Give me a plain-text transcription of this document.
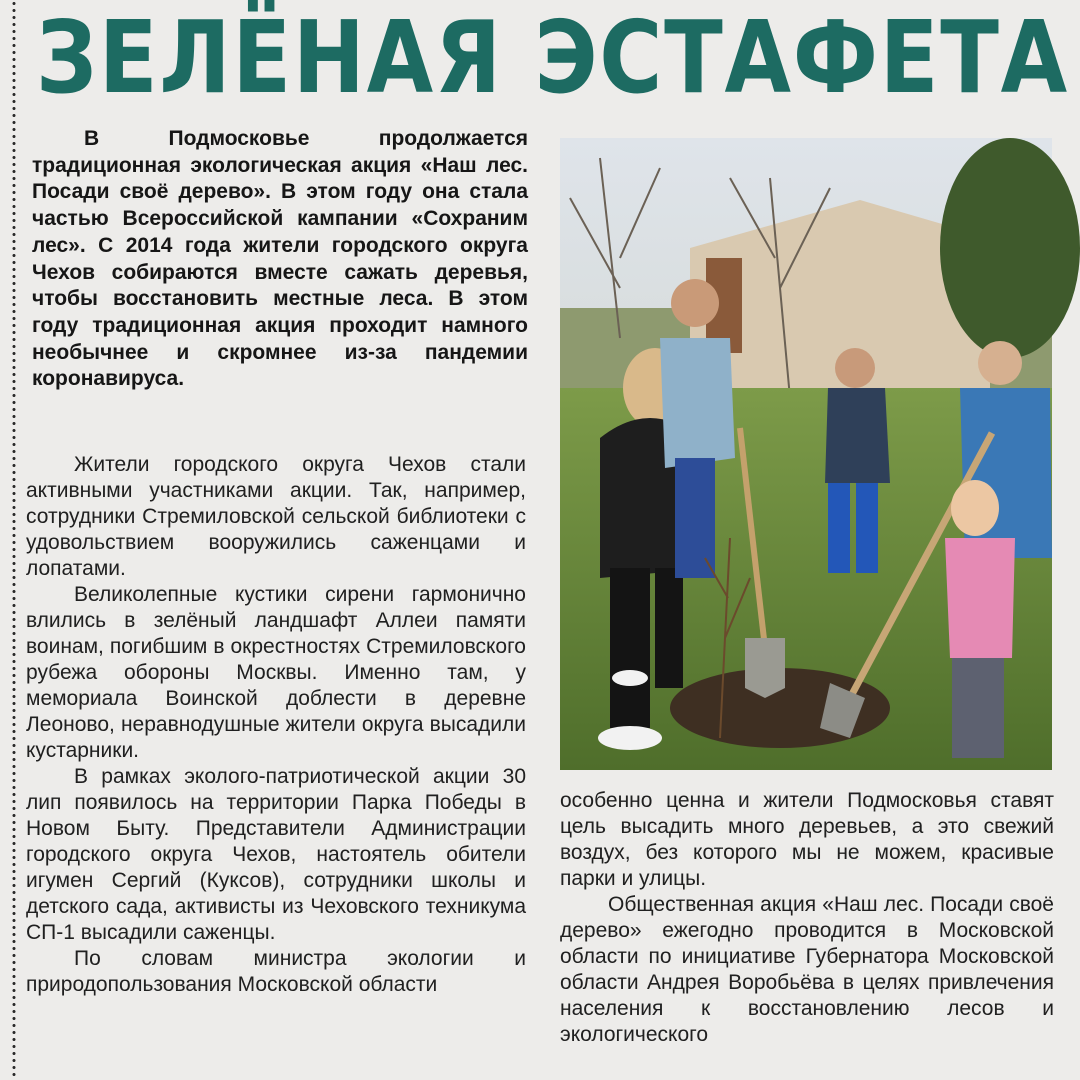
ЗЕЛЁНАЯ ЭСТАФЕТА

В Подмосковье продолжается традиционная экологическая акция «Наш лес. Посади своё дерево». В этом году она стала частью Всероссийской кампании «Сохраним лес». С 2014 года жители городского округа Чехов собираются вместе сажать деревья, чтобы восстановить местные леса. В этом году традиционная акция проходит намного необычнее и скромнее из-за пандемии коронавируса.

Жители городского округа Чехов стали активными участниками акции. Так, например, сотрудники Стремиловской сельской библиотеки с удовольствием вооружились саженцами и лопатами.

Великолепные кустики сирени гармонично влились в зелёный ландшафт Аллеи памяти воинам, погибшим в окрестностях Стремиловского рубежа обороны Москвы. Именно там, у мемориала Воинской доблести в деревне Леоново, неравнодушные жители округа высадили кустарники.

В рамках эколого-патриотической акции 30 лип появилось на территории Парка Победы в Новом Быту. Представители Администрации городского округа Чехов, настоятель обители игумен Сергий (Куксов), сотрудники школы и детского сада, активисты из Чеховского техникума СП-1 высадили саженцы.

По словам министра экологии и природопользования Московской области

особенно ценна и жители Подмосковья ставят цель высадить много деревьев, а это свежий воздух, без которого мы не можем, красивые парки и улицы.

Общественная акция «Наш лес. Посади своё дерево» ежегодно проводится в Московской области по инициативе Губернатора Московской области Андрея Воробьёва в целях привлечения населения к восстановлению лесов и экологического
